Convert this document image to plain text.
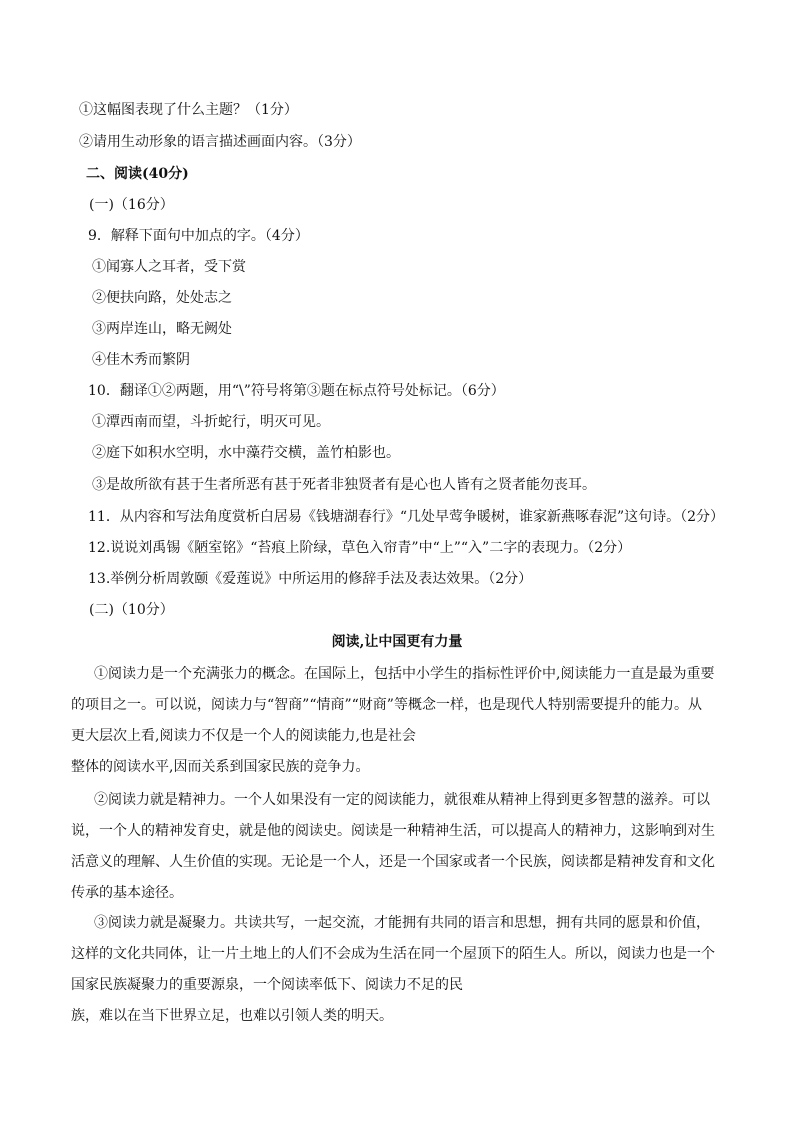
①这幅图表现了什么主题？（1分）
②请用生动形象的语言描述画面内容。（3分）
二、阅读(40分)
(一)（16分）
9．解释下面句中加点的字。（4分）
①闻寡人之耳者，受下赏
②便扶向路，处处志之
③两岸连山，略无阙处
④佳木秀而繁阴
10．翻译①②两题，用“\”符号将第③题在标点符号处标记。（6分）
①潭西南而望，斗折蛇行，明灭可见。
②庭下如积水空明，水中藻荇交横，盖竹柏影也。
③是故所欲有甚于生者所恶有甚于死者非独贤者有是心也人皆有之贤者能勿丧耳。
11．从内容和写法角度赏析白居易《钱塘湖春行》“几处早莺争暖树，谁家新燕啄春泥”这句诗。（2分）
12.说说刘禹锡《陋室铭》“苔痕上阶绿，草色入帘青”中“上”“入”二字的表现力。（2分）
13.举例分析周敦颐《爱莲说》中所运用的修辞手法及表达效果。（2分）
(二)（10分）
阅读,让中国更有力量
①阅读力是一个充满张力的概念。在国际上，包括中小学生的指标性评价中,阅读能力一直是最为重要
的项目之一。可以说，阅读力与“智商”“情商”“财商”等概念一样，也是现代人特别需要提升的能力。从
更大层次上看,阅读力不仅是一个人的阅读能力,也是社会
整体的阅读水平,因而关系到国家民族的竞争力。
②阅读力就是精神力。一个人如果没有一定的阅读能力，就很难从精神上得到更多智慧的滋养。可以
说，一个人的精神发育史，就是他的阅读史。阅读是一种精神生活，可以提高人的精神力，这影响到对生
活意义的理解、人生价值的实现。无论是一个人，还是一个国家或者一个民族，阅读都是精神发育和文化
传承的基本途径。
③阅读力就是凝聚力。共读共写，一起交流，才能拥有共同的语言和思想，拥有共同的愿景和价值，
这样的文化共同体，让一片土地上的人们不会成为生活在同一个屋顶下的陌生人。所以，阅读力也是一个
国家民族凝聚力的重要源泉，一个阅读率低下、阅读力不足的民
族，难以在当下世界立足，也难以引领人类的明天。
